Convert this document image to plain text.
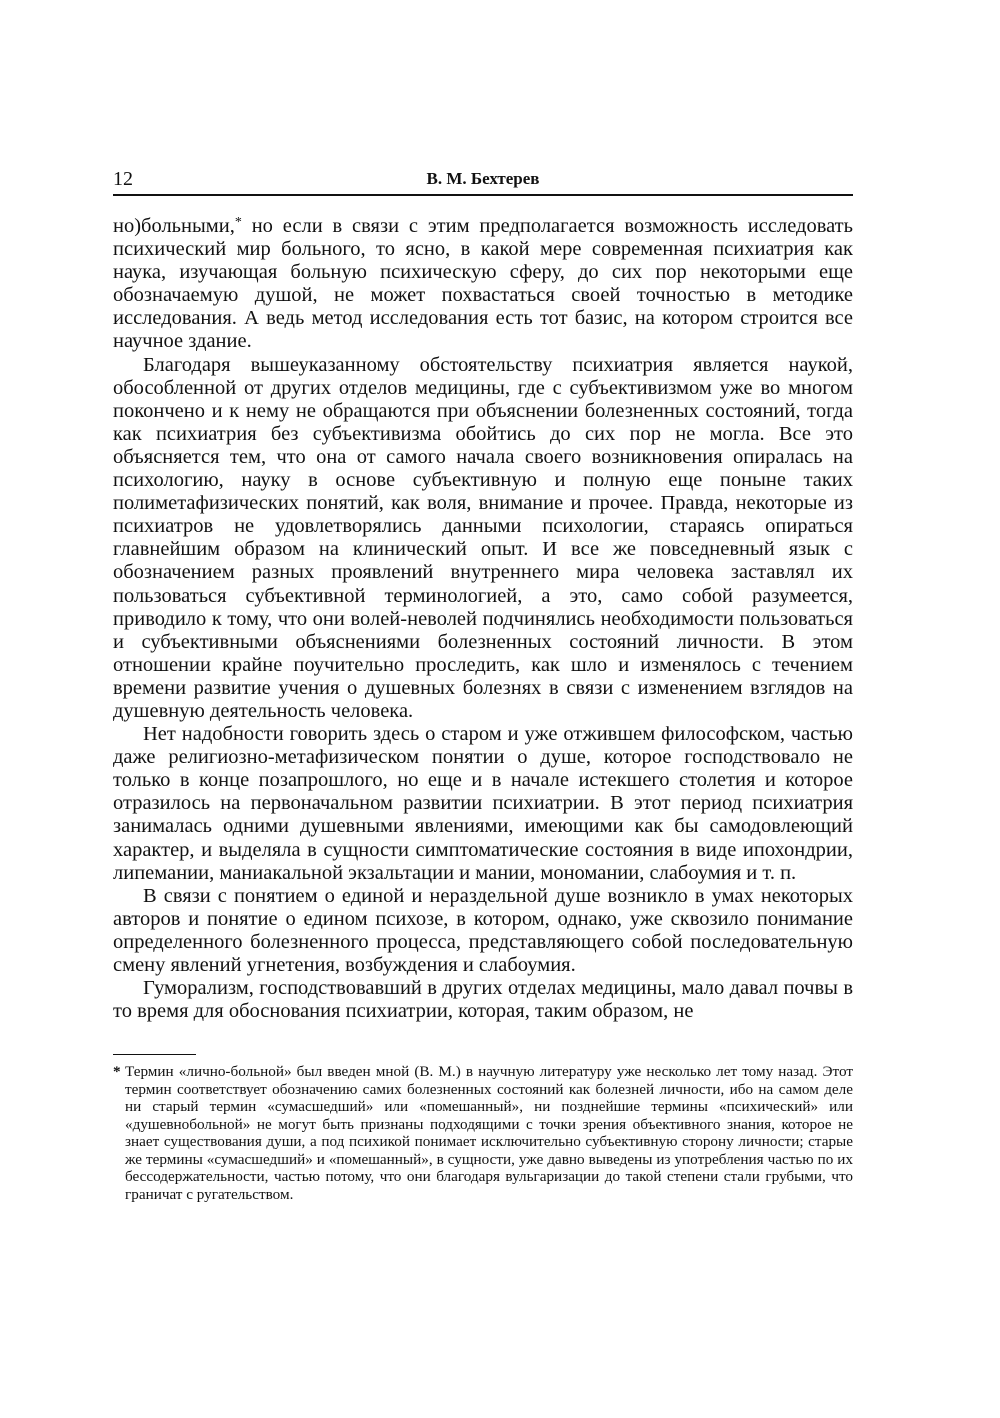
12	В. М. Бехтерев

но)больными,* но если в связи с этим предполагается возможность исследовать психический мир больного, то ясно, в какой мере современная психиатрия как наука, изучающая больную психическую сферу, до сих пор некоторыми еще обозначаемую душой, не может похвастаться своей точностью в методике исследования. А ведь метод исследования есть тот базис, на котором строится все научное здание.

Благодаря вышеуказанному обстоятельству психиатрия является наукой, обособленной от других отделов медицины, где с субъективизмом уже во многом покончено и к нему не обращаются при объяснении болезненных состояний, тогда как психиатрия без субъективизма обойтись до сих пор не могла. Все это объясняется тем, что она от самого начала своего возникновения опиралась на психологию, науку в основе субъективную и полную еще поныне таких полиметафизических понятий, как воля, внимание и прочее. Правда, некоторые из психиатров не удовлетворялись данными психологии, стараясь опираться главнейшим образом на клинический опыт. И все же повседневный язык с обозначением разных проявлений внутреннего мира человека заставлял их пользоваться субъективной терминологией, а это, само собой разумеется, приводило к тому, что они волей-неволей подчинялись необходимости пользоваться и субъективными объяснениями болезненных состояний личности. В этом отношении крайне поучительно проследить, как шло и изменялось с течением времени развитие учения о душевных болезнях в связи с изменением взглядов на душевную деятельность человека.

Нет надобности говорить здесь о старом и уже отжившем философском, частью даже религиозно-метафизическом понятии о душе, которое господствовало не только в конце позапрошлого, но еще и в начале истекшего столетия и которое отразилось на первоначальном развитии психиатрии. В этот период психиатрия занималась одними душевными явлениями, имеющими как бы самодовлеющий характер, и выделяла в сущности симптоматические состояния в виде ипохондрии, липемании, маниакальной экзальтации и мании, мономании, слабоумия и т. п.

В связи с понятием о единой и нераздельной душе возникло в умах некоторых авторов и понятие о едином психозе, в котором, однако, уже сквозило понимание определенного болезненного процесса, представляющего собой последовательную смену явлений угнетения, возбуждения и слабоумия.

Гуморализм, господствовавший в других отделах медицины, мало давал почвы в то время для обоснования психиатрии, которая, таким образом, не

* Термин «лично-больной» был введен мной (В. М.) в научную литературу уже несколько лет тому назад. Этот термин соответствует обозначению самих болезненных состояний как болезней личности, ибо на самом деле ни старый термин «сумасшедший» или «помешанный», ни позднейшие термины «психический» или «душевнобольной» не могут быть признаны подходящими с точки зрения объективного знания, которое не знает существования души, а под психикой понимает исключительно субъективную сторону личности; старые же термины «сумасшедший» и «помешанный», в сущности, уже давно выведены из употребления частью по их бессодержательности, частью потому, что они благодаря вульгаризации до такой степени стали грубыми, что граничат с ругательством.
